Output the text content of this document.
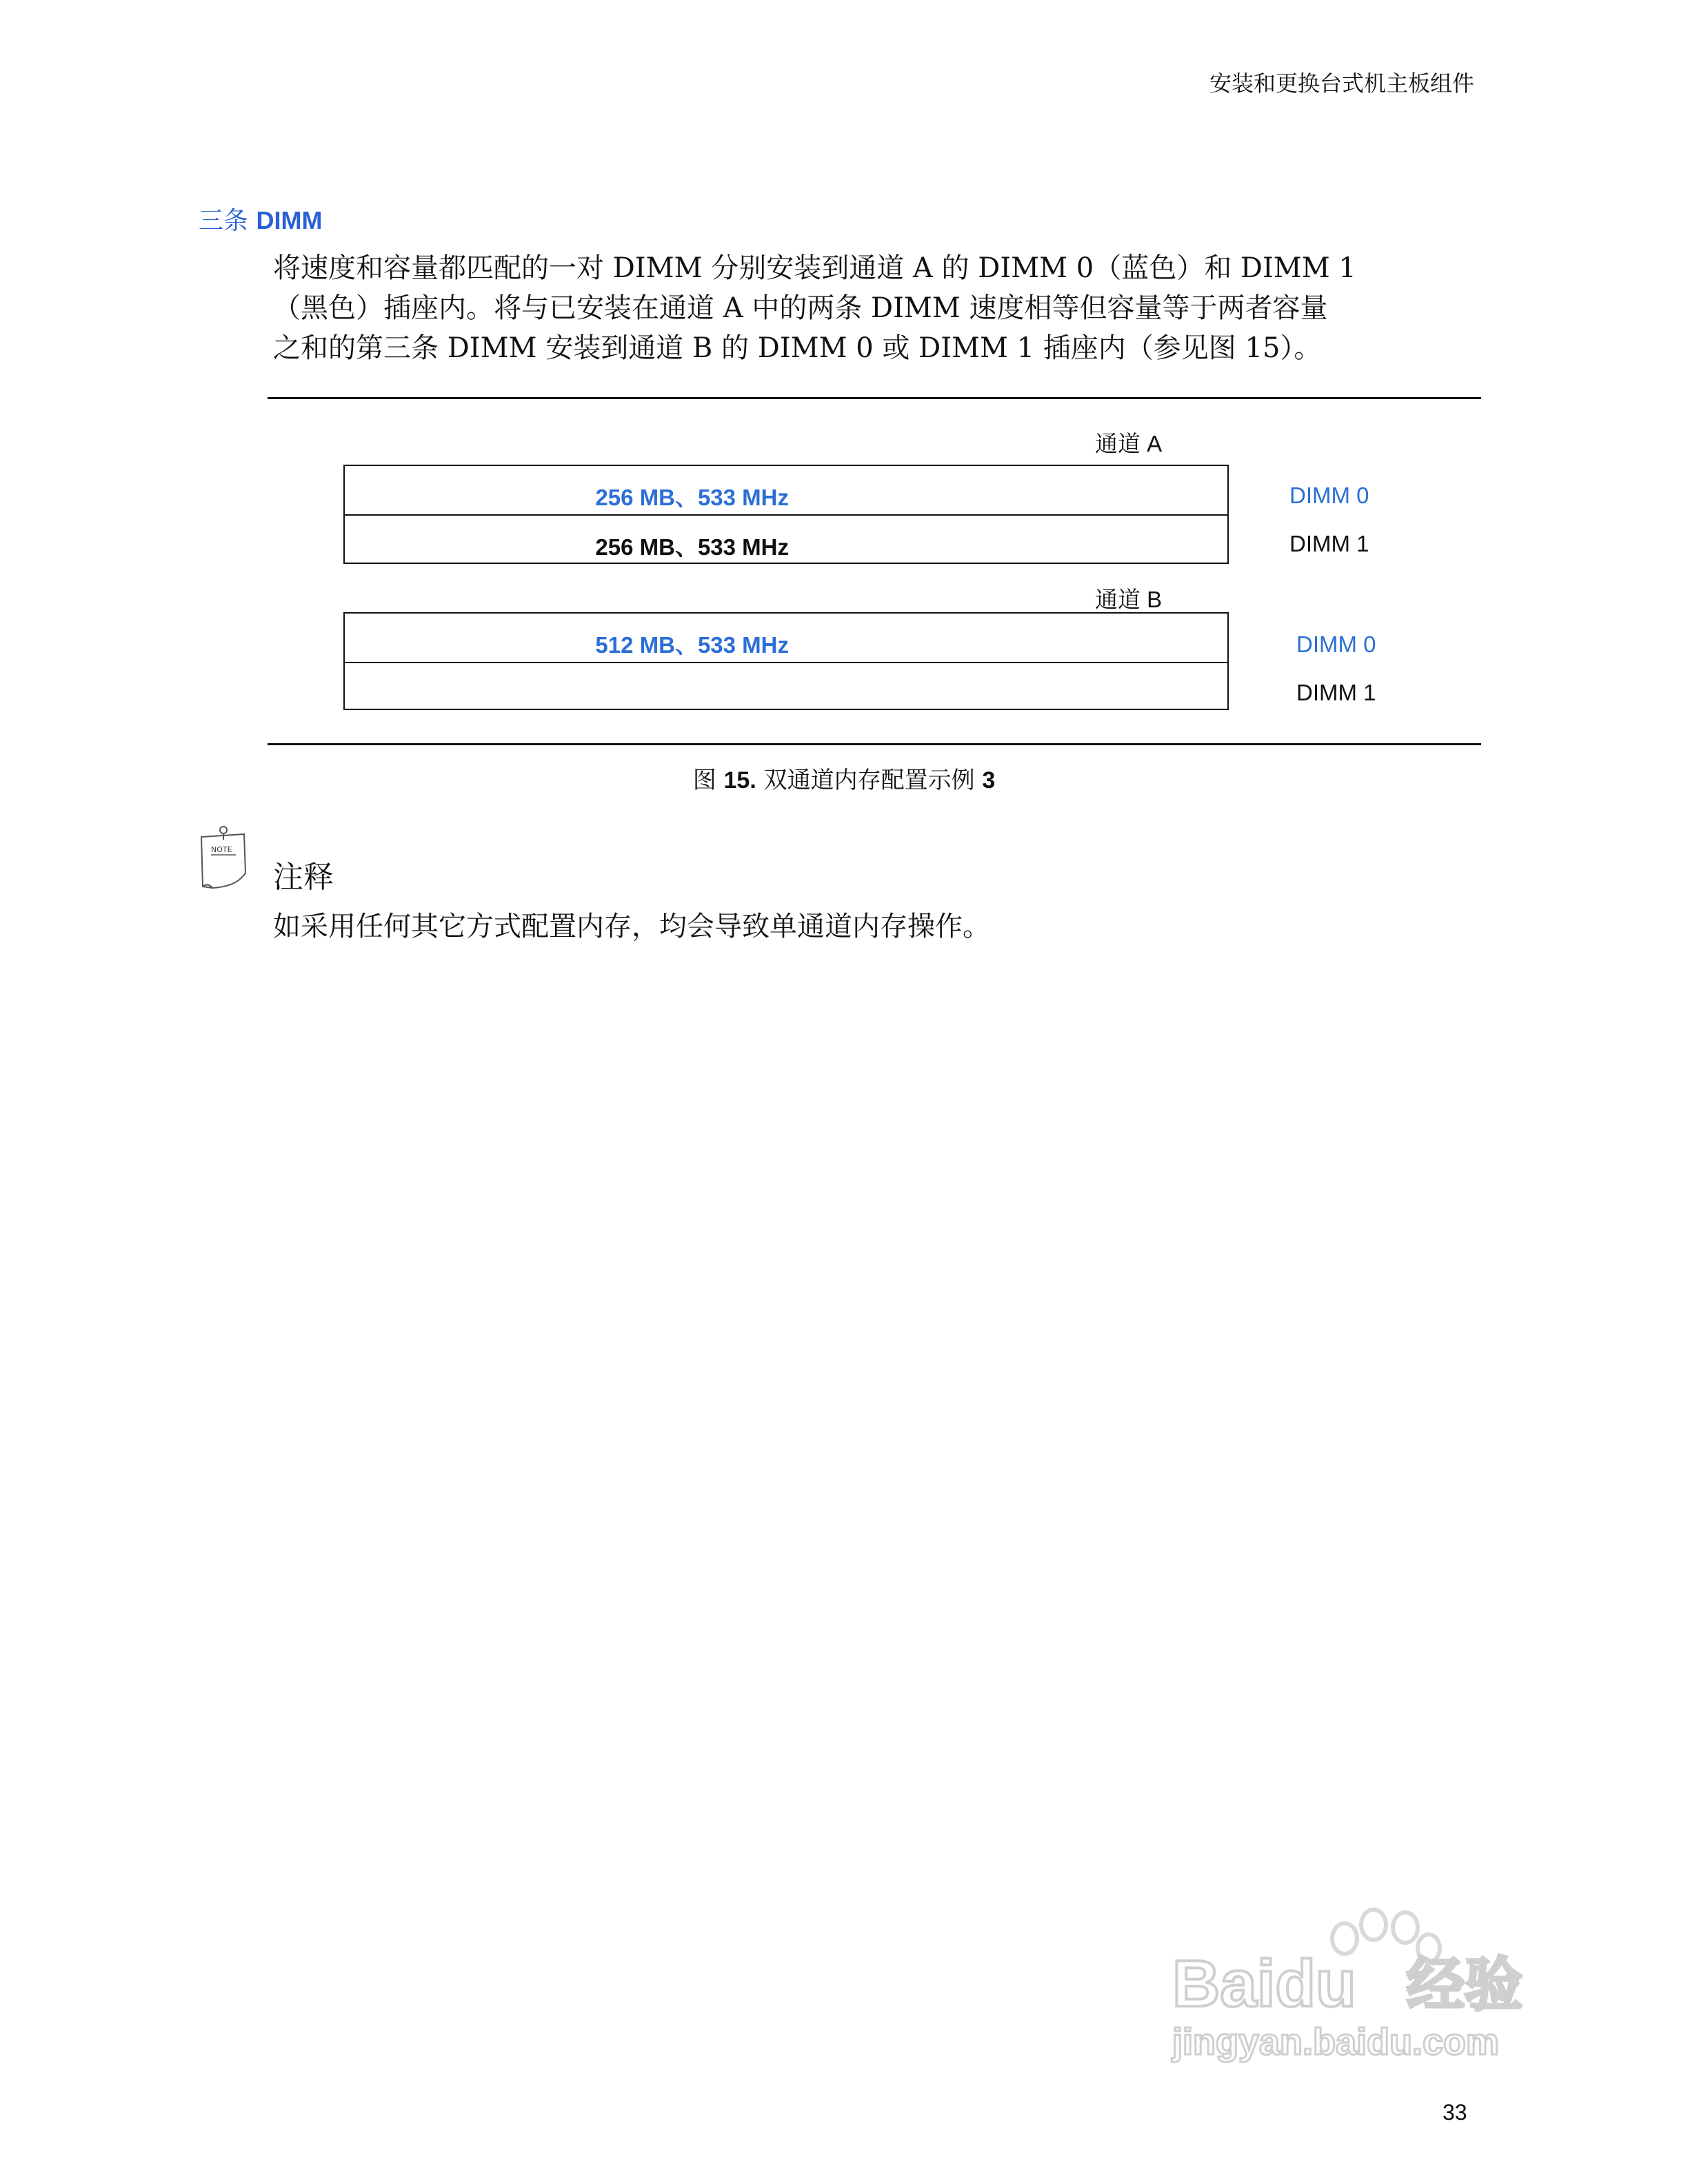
安装和更换台式机主板组件
三条 DIMM

将速度和容量都匹配的一对 DIMM 分别安装到通道 A 的 DIMM 0（蓝色）和 DIMM 1

（黑色）插座内。将与已安装在通道 A 中的两条 DIMM 速度相等但容量等于两者容量

之和的第三条 DIMM 安装到通道 B 的 DIMM 0 或 DIMM 1 插座内（参见图 15）。

通道 A
256 MB、533 MHz
256 MB、533 MHz
DIMM 0
DIMM 1
通道 B
512 MB、533 MHz	DIMM 0
DIMM 1
图 15. 双通道内存配置示例 3
NOTE
注释
如采用任何其它方式配置内存，均会导致单通道内存操作。
Baidu 经验
jingyan.baidu.com
33
